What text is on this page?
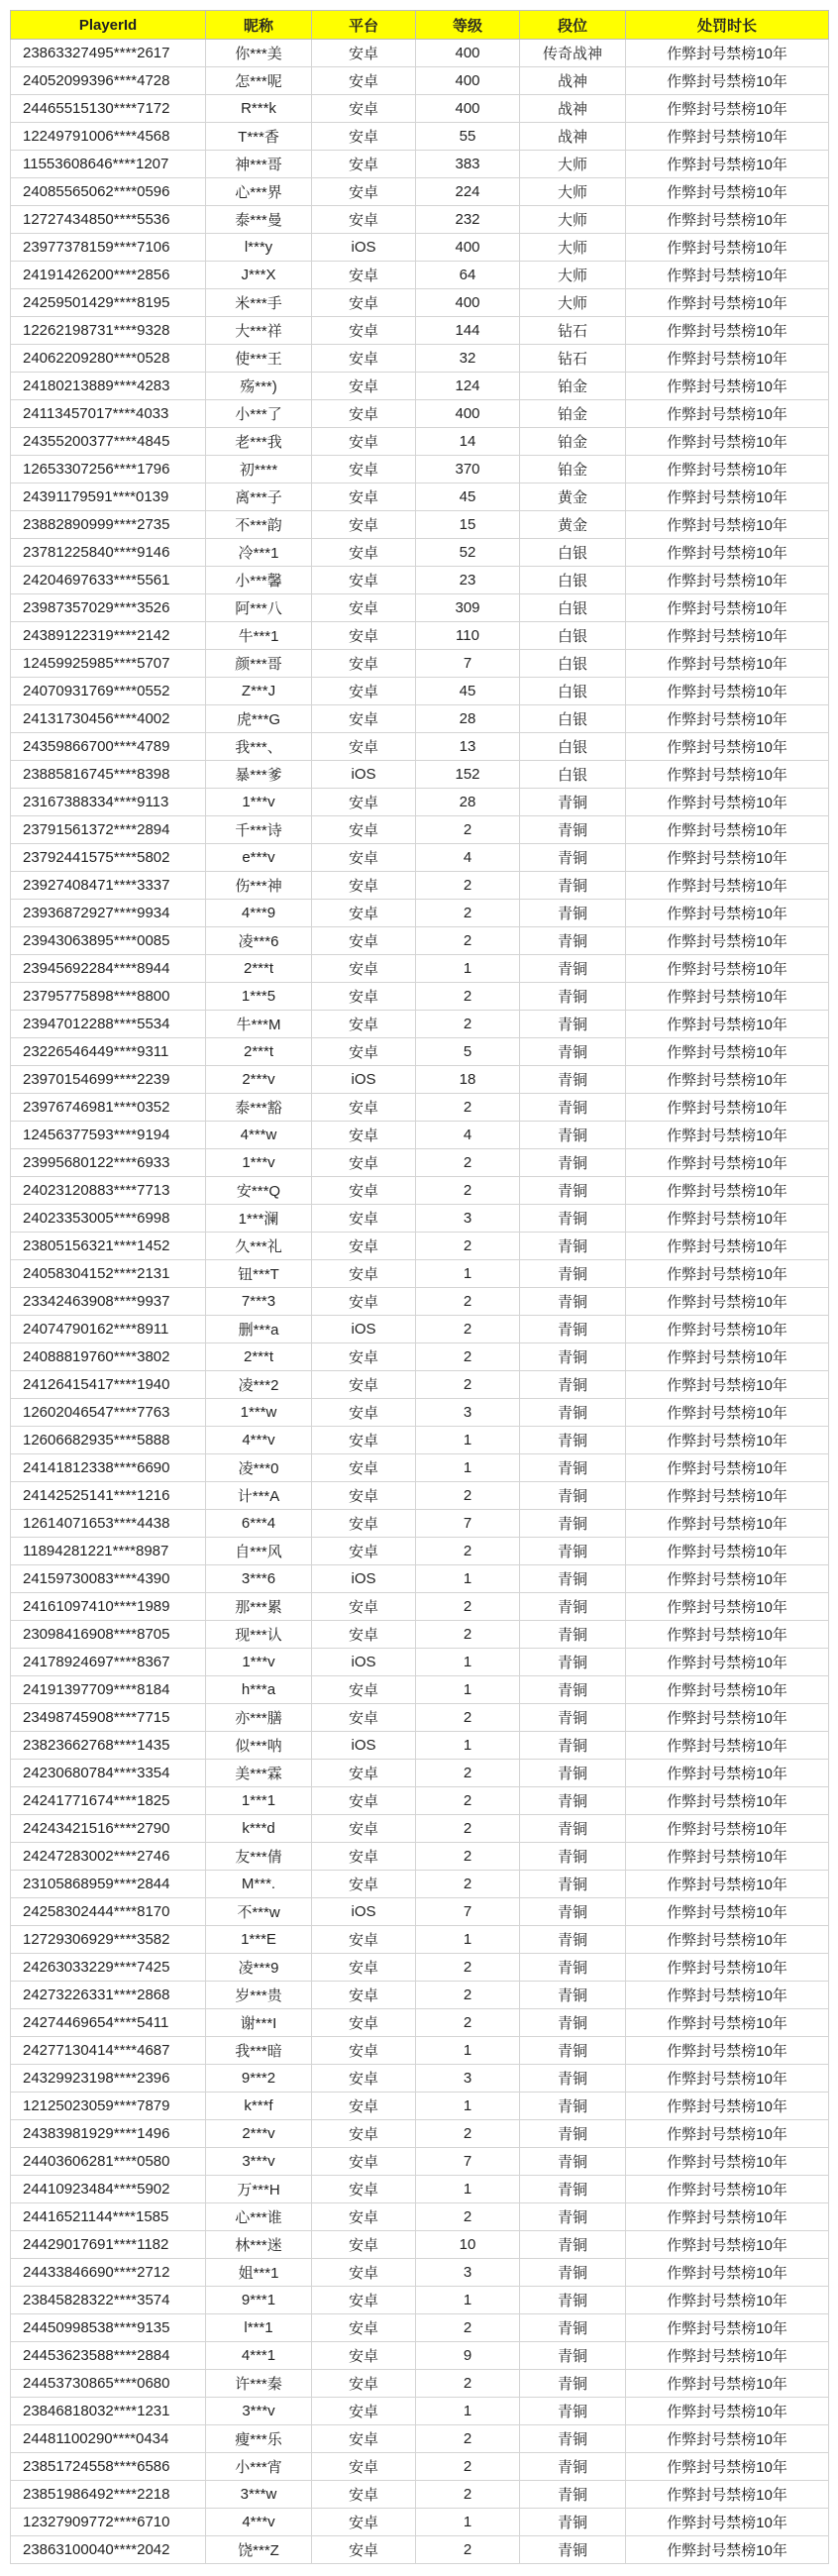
PlayerId	昵称	平台	等级	段位	处罚时长
23863327495****2617	你***美	安卓	400	传奇战神	作弊封号禁榜10年
24052099396****4728	怎***呢	安卓	400	战神	作弊封号禁榜10年
24465515130****7172	R***k	安卓	400	战神	作弊封号禁榜10年
12249791006****4568	T***香	安卓	55	战神	作弊封号禁榜10年
11553608646****1207	神***哥	安卓	383	大师	作弊封号禁榜10年
24085565062****0596	心***界	安卓	224	大师	作弊封号禁榜10年
12727434850****5536	泰***曼	安卓	232	大师	作弊封号禁榜10年
23977378159****7106	l***y	iOS	400	大师	作弊封号禁榜10年
24191426200****2856	J***X	安卓	64	大师	作弊封号禁榜10年
24259501429****8195	米***手	安卓	400	大师	作弊封号禁榜10年
12262198731****9328	大***祥	安卓	144	钻石	作弊封号禁榜10年
24062209280****0528	使***王	安卓	32	钻石	作弊封号禁榜10年
24180213889****4283	殇***)	安卓	124	铂金	作弊封号禁榜10年
24113457017****4033	小***了	安卓	400	铂金	作弊封号禁榜10年
24355200377****4845	老***我	安卓	14	铂金	作弊封号禁榜10年
12653307256****1796	初****	安卓	370	铂金	作弊封号禁榜10年
24391179591****0139	离***子	安卓	45	黄金	作弊封号禁榜10年
23882890999****2735	不***韵	安卓	15	黄金	作弊封号禁榜10年
23781225840****9146	冷***1	安卓	52	白银	作弊封号禁榜10年
24204697633****5561	小***馨	安卓	23	白银	作弊封号禁榜10年
23987357029****3526	阿***八	安卓	309	白银	作弊封号禁榜10年
24389122319****2142	牛***1	安卓	110	白银	作弊封号禁榜10年
12459925985****5707	颜***哥	安卓	7	白银	作弊封号禁榜10年
24070931769****0552	Z***J	安卓	45	白银	作弊封号禁榜10年
24131730456****4002	虎***G	安卓	28	白银	作弊封号禁榜10年
24359866700****4789	我***、	安卓	13	白银	作弊封号禁榜10年
23885816745****8398	暴***爹	iOS	152	白银	作弊封号禁榜10年
23167388334****9113	1***v	安卓	28	青铜	作弊封号禁榜10年
23791561372****2894	千***诗	安卓	2	青铜	作弊封号禁榜10年
23792441575****5802	e***v	安卓	4	青铜	作弊封号禁榜10年
23927408471****3337	伤***神	安卓	2	青铜	作弊封号禁榜10年
23936872927****9934	4***9	安卓	2	青铜	作弊封号禁榜10年
23943063895****0085	凌***6	安卓	2	青铜	作弊封号禁榜10年
23945692284****8944	2***t	安卓	1	青铜	作弊封号禁榜10年
23795775898****8800	1***5	安卓	2	青铜	作弊封号禁榜10年
23947012288****5534	牛***M	安卓	2	青铜	作弊封号禁榜10年
23226546449****9311	2***t	安卓	5	青铜	作弊封号禁榜10年
23970154699****2239	2***v	iOS	18	青铜	作弊封号禁榜10年
23976746981****0352	泰***豁	安卓	2	青铜	作弊封号禁榜10年
12456377593****9194	4***w	安卓	4	青铜	作弊封号禁榜10年
23995680122****6933	1***v	安卓	2	青铜	作弊封号禁榜10年
24023120883****7713	安***Q	安卓	2	青铜	作弊封号禁榜10年
24023353005****6998	1***澜	安卓	3	青铜	作弊封号禁榜10年
23805156321****1452	久***礼	安卓	2	青铜	作弊封号禁榜10年
24058304152****2131	钮***T	安卓	1	青铜	作弊封号禁榜10年
23342463908****9937	7***3	安卓	2	青铜	作弊封号禁榜10年
24074790162****8911	删***a	iOS	2	青铜	作弊封号禁榜10年
24088819760****3802	2***t	安卓	2	青铜	作弊封号禁榜10年
24126415417****1940	凌***2	安卓	2	青铜	作弊封号禁榜10年
12602046547****7763	1***w	安卓	3	青铜	作弊封号禁榜10年
12606682935****5888	4***v	安卓	1	青铜	作弊封号禁榜10年
24141812338****6690	凌***0	安卓	1	青铜	作弊封号禁榜10年
24142525141****1216	计***A	安卓	2	青铜	作弊封号禁榜10年
12614071653****4438	6***4	安卓	7	青铜	作弊封号禁榜10年
11894281221****8987	自***风	安卓	2	青铜	作弊封号禁榜10年
24159730083****4390	3***6	iOS	1	青铜	作弊封号禁榜10年
24161097410****1989	那***累	安卓	2	青铜	作弊封号禁榜10年
23098416908****8705	现***认	安卓	2	青铜	作弊封号禁榜10年
24178924697****8367	1***v	iOS	1	青铜	作弊封号禁榜10年
24191397709****8184	h***a	安卓	1	青铜	作弊封号禁榜10年
23498745908****7715	亦***膳	安卓	2	青铜	作弊封号禁榜10年
23823662768****1435	似***呐	iOS	1	青铜	作弊封号禁榜10年
24230680784****3354	美***霖	安卓	2	青铜	作弊封号禁榜10年
24241771674****1825	1***1	安卓	2	青铜	作弊封号禁榜10年
24243421516****2790	k***d	安卓	2	青铜	作弊封号禁榜10年
24247283002****2746	友***倩	安卓	2	青铜	作弊封号禁榜10年
23105868959****2844	M***.	安卓	2	青铜	作弊封号禁榜10年
24258302444****8170	不***w	iOS	7	青铜	作弊封号禁榜10年
12729306929****3582	1***E	安卓	1	青铜	作弊封号禁榜10年
24263033229****7425	凌***9	安卓	2	青铜	作弊封号禁榜10年
24273226331****2868	岁***贵	安卓	2	青铜	作弊封号禁榜10年
24274469654****5411	谢***I	安卓	2	青铜	作弊封号禁榜10年
24277130414****4687	我***暗	安卓	1	青铜	作弊封号禁榜10年
24329923198****2396	9***2	安卓	3	青铜	作弊封号禁榜10年
12125023059****7879	k***f	安卓	1	青铜	作弊封号禁榜10年
24383981929****1496	2***v	安卓	2	青铜	作弊封号禁榜10年
24403606281****0580	3***v	安卓	7	青铜	作弊封号禁榜10年
24410923484****5902	万***H	安卓	1	青铜	作弊封号禁榜10年
24416521144****1585	心***谁	安卓	2	青铜	作弊封号禁榜10年
24429017691****1182	林***迷	安卓	10	青铜	作弊封号禁榜10年
24433846690****2712	姐***1	安卓	3	青铜	作弊封号禁榜10年
23845828322****3574	9***1	安卓	1	青铜	作弊封号禁榜10年
24450998538****9135	l***1	安卓	2	青铜	作弊封号禁榜10年
24453623588****2884	4***1	安卓	9	青铜	作弊封号禁榜10年
24453730865****0680	许***秦	安卓	2	青铜	作弊封号禁榜10年
23846818032****1231	3***v	安卓	1	青铜	作弊封号禁榜10年
24481100290****0434	瘦***乐	安卓	2	青铜	作弊封号禁榜10年
23851724558****6586	小***宵	安卓	2	青铜	作弊封号禁榜10年
23851986492****2218	3***w	安卓	2	青铜	作弊封号禁榜10年
12327909772****6710	4***v	安卓	1	青铜	作弊封号禁榜10年
23863100040****2042	饶***Z	安卓	2	青铜	作弊封号禁榜10年
